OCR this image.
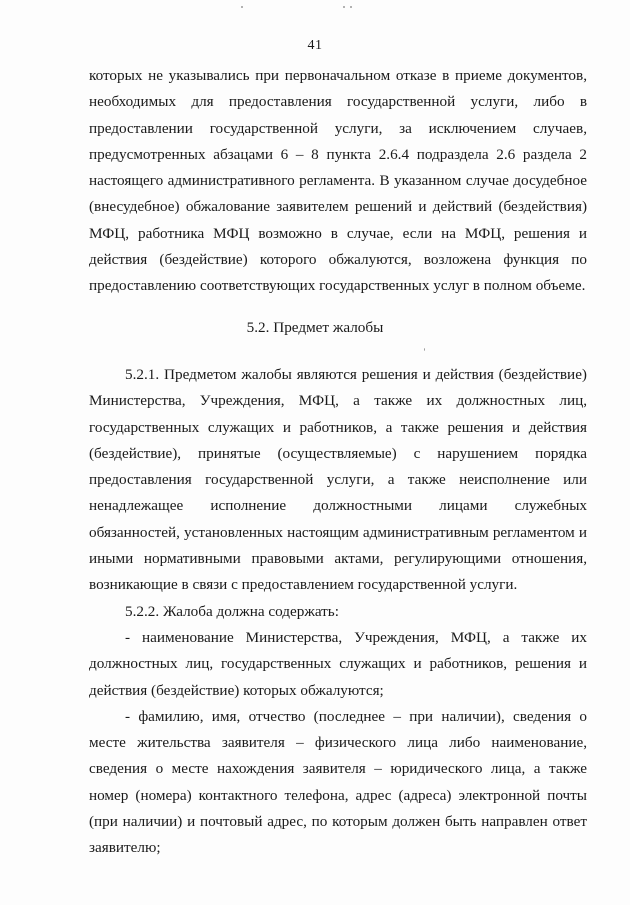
41

которых не указывались при первоначальном отказе в приеме документов, необходимых для предоставления государственной услуги, либо в предоставлении государственной услуги, за исключением случаев, предусмотренных абзацами 6 – 8 пункта 2.6.4 подраздела 2.6 раздела 2 настоящего административного регламента. В указанном случае досудебное (внесудебное) обжалование заявителем решений и действий (бездействия) МФЦ, работника МФЦ возможно в случае, если на МФЦ, решения и действия (бездействие) которого обжалуются, возложена функция по предоставлению соответствующих государственных услуг в полном объеме.

5.2. Предмет жалобы

5.2.1. Предметом жалобы являются решения и действия (бездействие) Министерства, Учреждения, МФЦ, а также их должностных лиц, государственных служащих и работников, а также решения и действия (бездействие), принятые (осуществляемые) с нарушением порядка предоставления государственной услуги, а также неисполнение или ненадлежащее исполнение должностными лицами служебных обязанностей, установленных настоящим административным регламентом и иными нормативными правовыми актами, регулирующими отношения, возникающие в связи с предоставлением государственной услуги.

5.2.2. Жалоба должна содержать:

- наименование Министерства, Учреждения, МФЦ, а также их должностных лиц, государственных служащих и работников, решения и действия (бездействие) которых обжалуются;

- фамилию, имя, отчество (последнее – при наличии), сведения о месте жительства заявителя – физического лица либо наименование, сведения о месте нахождения заявителя – юридического лица, а также номер (номера) контактного телефона, адрес (адреса) электронной почты (при наличии) и почтовый адрес, по которым должен быть направлен ответ заявителю;
